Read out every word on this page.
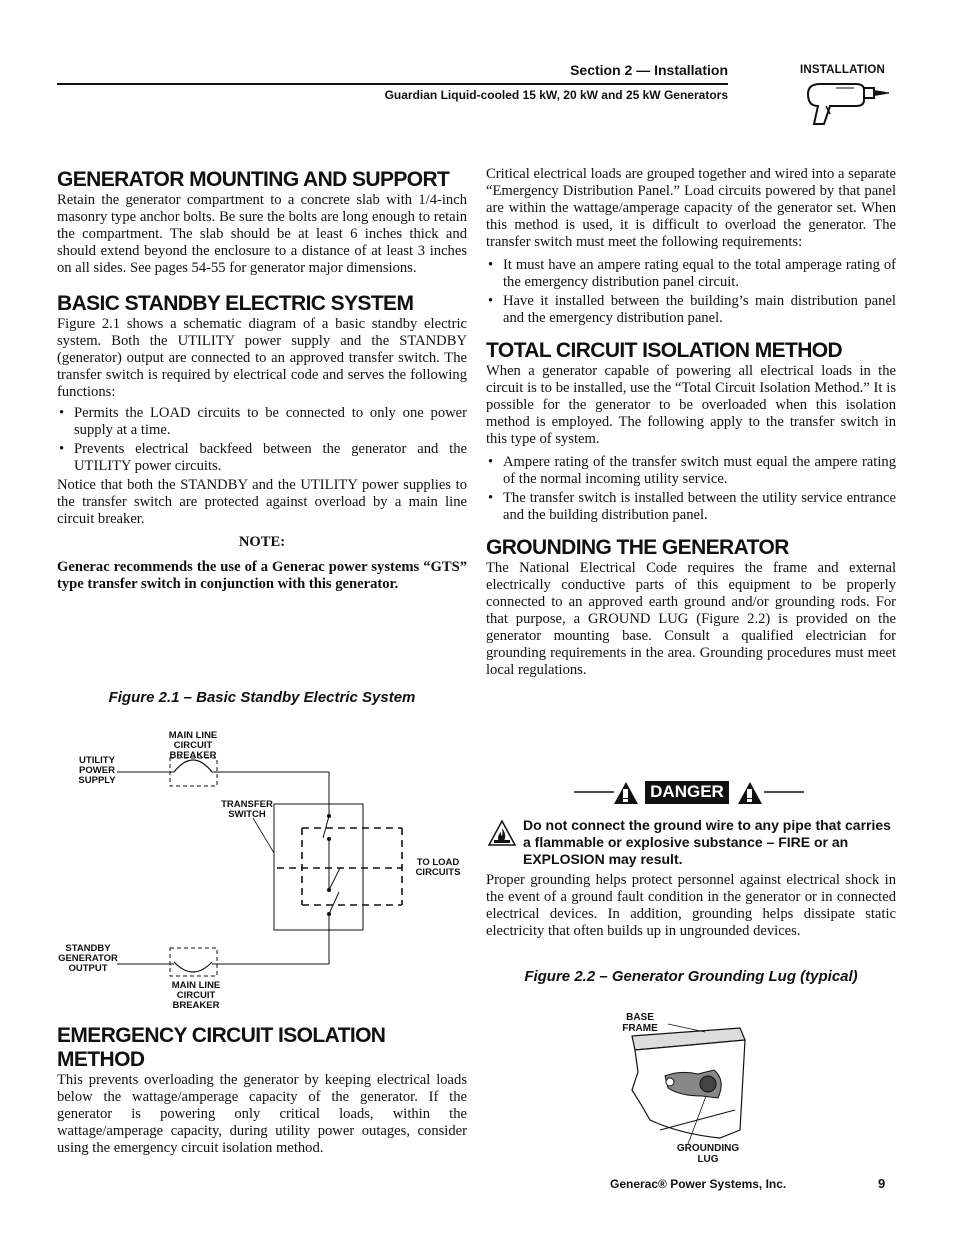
Section 2 — Installation
Guardian Liquid-cooled 15 kW, 20 kW and 25 kW Generators
INSTALLATION
GENERATOR MOUNTING AND SUPPORT

Retain the generator compartment to a concrete slab with 1/4-inch masonry type anchor bolts. Be sure the bolts are long enough to retain the compartment. The slab should be at least 6 inches thick and should extend beyond the enclosure to a distance of at least 3 inches on all sides. See pages 54-55 for generator major dimensions.

BASIC STANDBY ELECTRIC SYSTEM

Figure 2.1 shows a schematic diagram of a basic standby electric system. Both the UTILITY power supply and the STANDBY (generator) output are connected to an approved transfer switch. The transfer switch is required by electrical code and serves the following functions:

• Permits the LOAD circuits to be connected to only one power supply at a time.
• Prevents electrical backfeed between the generator and the UTILITY power circuits.

Notice that both the STANDBY and the UTILITY power supplies to the transfer switch are protected against overload by a main line circuit breaker.

NOTE:
Generac recommends the use of a Generac power systems “GTS” type transfer switch in conjunction with this generator.
Figure 2.1 – Basic Standby Electric System
MAIN LINE
CIRCUIT BREAKER
UTILITY
POWER
SUPPLY
TRANSFER
SWITCH
TO LOAD
CIRCUITS
STANDBY
GENERATOR
OUTPUT
MAIN LINE
CIRCUIT BREAKER
EMERGENCY CIRCUIT ISOLATION
METHOD

This prevents overloading the generator by keeping electrical loads below the wattage/amperage capacity of the generator. If the generator is powering only critical loads, within the wattage/amperage capacity, during utility power outages, consider using the emergency circuit isolation method.

Critical electrical loads are grouped together and wired into a separate “Emergency Distribution Panel.” Load circuits powered by that panel are within the wattage/amperage capacity of the generator set. When this method is used, it is difficult to overload the generator. The transfer switch must meet the following requirements:

• It must have an ampere rating equal to the total amperage rating of the emergency distribution panel circuit.
• Have it installed between the building’s main distribution panel and the emergency distribution panel.
TOTAL CIRCUIT ISOLATION METHOD

When a generator capable of powering all electrical loads in the circuit is to be installed, use the “Total Circuit Isolation Method.” It is possible for the generator to be overloaded when this isolation method is employed. The following apply to the transfer switch in this type of system.

• Ampere rating of the transfer switch must equal the ampere rating of the normal incoming utility service.
• The transfer switch is installed between the utility service entrance and the building distribution panel.
GROUNDING THE GENERATOR

The National Electrical Code requires the frame and external electrically conductive parts of this equipment to be properly connected to an approved earth ground and/or grounding rods. For that purpose, a GROUND LUG (Figure 2.2) is provided on the generator mounting base. Consult a qualified electrician for grounding requirements in the area. Grounding procedures must meet local regulations.

DANGER
Do not connect the ground wire to any pipe that carries a flammable or explosive substance – FIRE or an EXPLOSION may result.

Proper grounding helps protect personnel against electrical shock in the event of a ground fault condition in the generator or in connected electrical devices. In addition, grounding helps dissipate static electricity that often builds up in ungrounded devices.

Figure 2.2 – Generator Grounding Lug (typical)
BASE
FRAME
GROUNDING
LUG
Generac® Power Systems, Inc.	9
